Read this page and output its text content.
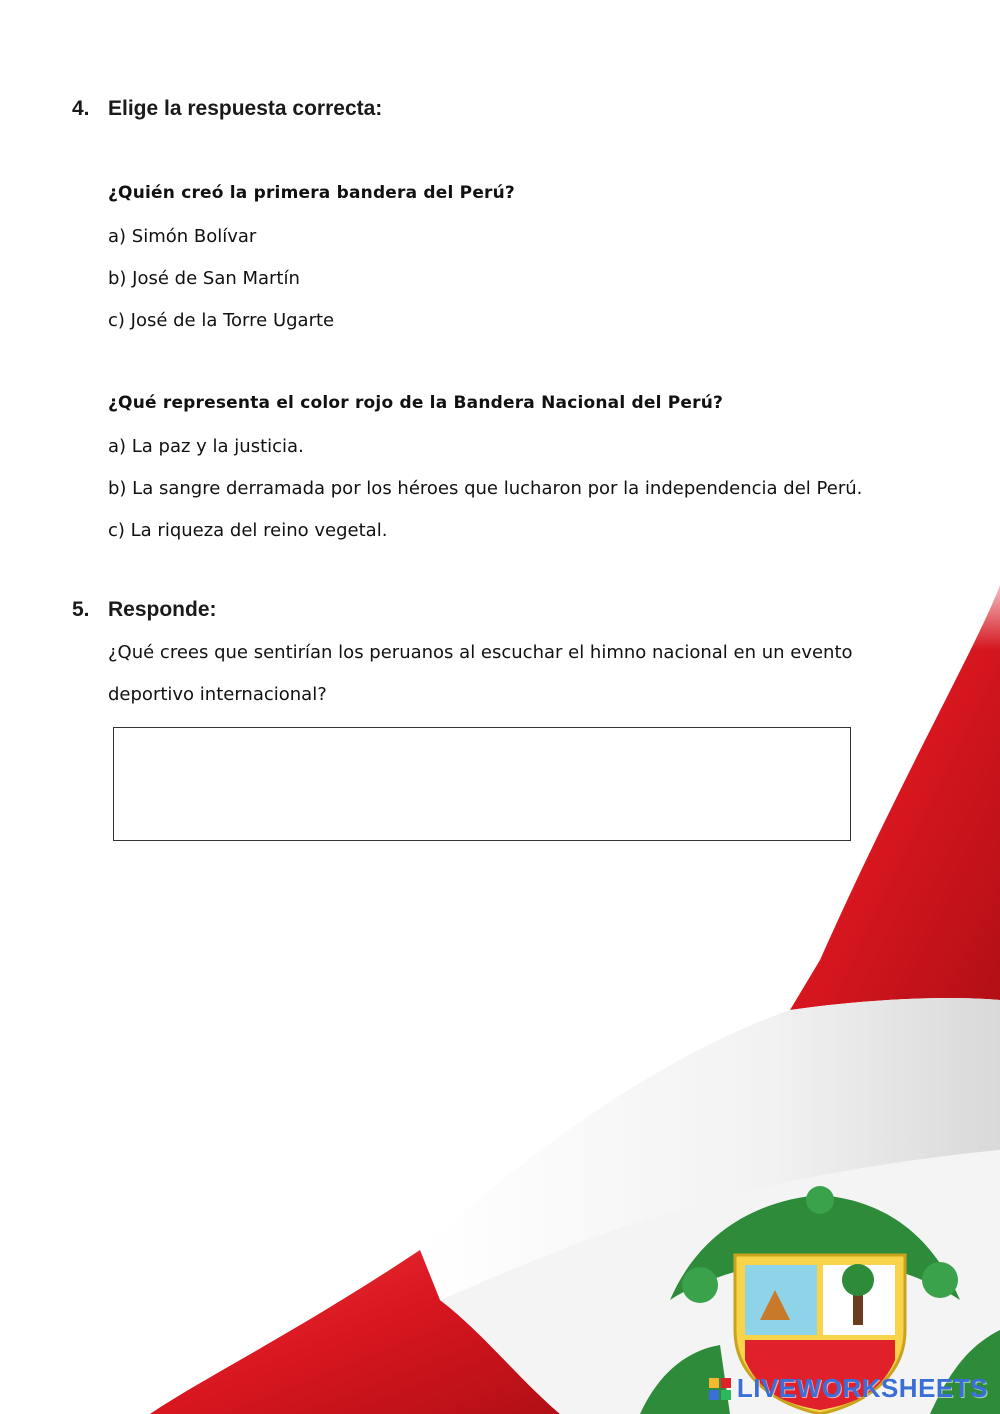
4. Elige la respuesta correcta:
¿Quién creó la primera bandera del Perú?
a) Simón Bolívar
b) José de San Martín
c) José de la Torre Ugarte
¿Qué representa el color rojo de la Bandera Nacional del Perú?
a) La paz y la justicia.
b) La sangre derramada por los héroes que lucharon por la independencia del Perú.
c) La riqueza del reino vegetal.
5. Responde:
¿Qué crees que sentirían los peruanos al escuchar el himno nacional en un evento deportivo internacional?
LIVEWORKSHEETS
